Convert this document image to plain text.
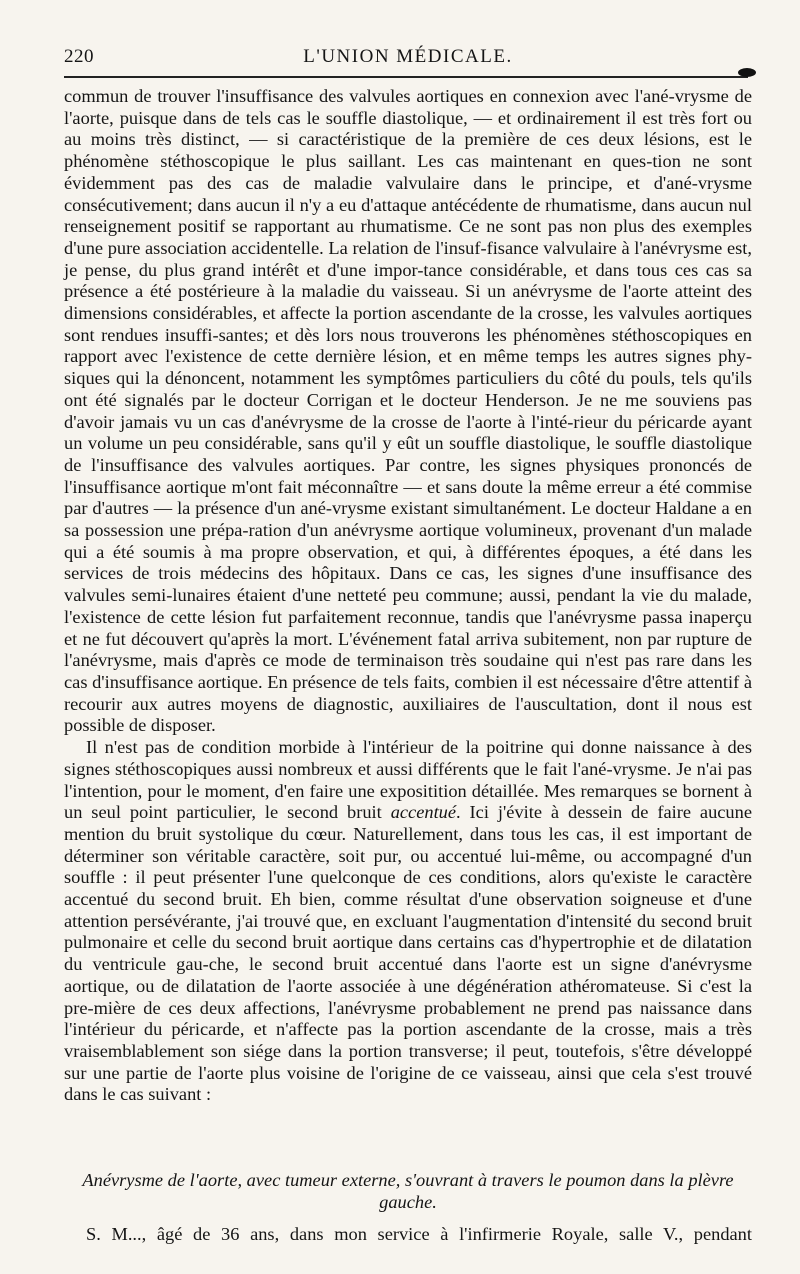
220	L'UNION MÉDICALE.

commun de trouver l'insuffisance des valvules aortiques en connexion avec l'ané-vrysme de l'aorte, puisque dans de tels cas le souffle diastolique, — et ordinairement il est très fort ou au moins très distinct, — si caractéristique de la première de ces deux lésions, est le phénomène stéthoscopique le plus saillant. Les cas maintenant en ques-tion ne sont évidemment pas des cas de maladie valvulaire dans le principe, et d'ané-vrysme consécutivement; dans aucun il n'y a eu d'attaque antécédente de rhumatisme, dans aucun nul renseignement positif se rapportant au rhumatisme. Ce ne sont pas non plus des exemples d'une pure association accidentelle. La relation de l'insuf-fisance valvulaire à l'anévrysme est, je pense, du plus grand intérêt et d'une impor-tance considérable, et dans tous ces cas sa présence a été postérieure à la maladie du vaisseau. Si un anévrysme de l'aorte atteint des dimensions considérables, et affecte la portion ascendante de la crosse, les valvules aortiques sont rendues insuffi-santes; et dès lors nous trouverons les phénomènes stéthoscopiques en rapport avec l'existence de cette dernière lésion, et en même temps les autres signes phy-siques qui la dénoncent, notamment les symptômes particuliers du côté du pouls, tels qu'ils ont été signalés par le docteur Corrigan et le docteur Henderson. Je ne me souviens pas d'avoir jamais vu un cas d'anévrysme de la crosse de l'aorte à l'inté-rieur du péricarde ayant un volume un peu considérable, sans qu'il y eût un souffle diastolique, le souffle diastolique de l'insuffisance des valvules aortiques. Par contre, les signes physiques prononcés de l'insuffisance aortique m'ont fait méconnaître — et sans doute la même erreur a été commise par d'autres — la présence d'un ané-vrysme existant simultanément. Le docteur Haldane a en sa possession une prépa-ration d'un anévrysme aortique volumineux, provenant d'un malade qui a été soumis à ma propre observation, et qui, à différentes époques, a été dans les services de trois médecins des hôpitaux. Dans ce cas, les signes d'une insuffisance des valvules semi-lunaires étaient d'une netteté peu commune; aussi, pendant la vie du malade, l'existence de cette lésion fut parfaitement reconnue, tandis que l'anévrysme passa inaperçu et ne fut découvert qu'après la mort. L'événement fatal arriva subitement, non par rupture de l'anévrysme, mais d'après ce mode de terminaison très soudaine qui n'est pas rare dans les cas d'insuffisance aortique. En présence de tels faits, combien il est nécessaire d'être attentif à recourir aux autres moyens de diagnostic, auxiliaires de l'auscultation, dont il nous est possible de disposer.

Il n'est pas de condition morbide à l'intérieur de la poitrine qui donne naissance à des signes stéthoscopiques aussi nombreux et aussi différents que le fait l'ané-vrysme. Je n'ai pas l'intention, pour le moment, d'en faire une expositition détaillée. Mes remarques se bornent à un seul point particulier, le second bruit accentué. Ici j'évite à dessein de faire aucune mention du bruit systolique du cœur. Naturellement, dans tous les cas, il est important de déterminer son véritable caractère, soit pur, ou accentué lui-même, ou accompagné d'un souffle : il peut présenter l'une quelconque de ces conditions, alors qu'existe le caractère accentué du second bruit. Eh bien, comme résultat d'une observation soigneuse et d'une attention persévérante, j'ai trouvé que, en excluant l'augmentation d'intensité du second bruit pulmonaire et celle du second bruit aortique dans certains cas d'hypertrophie et de dilatation du ventricule gau-che, le second bruit accentué dans l'aorte est un signe d'anévrysme aortique, ou de dilatation de l'aorte associée à une dégénération athéromateuse. Si c'est la pre-mière de ces deux affections, l'anévrysme probablement ne prend pas naissance dans l'intérieur du péricarde, et n'affecte pas la portion ascendante de la crosse, mais a très vraisemblablement son siége dans la portion transverse; il peut, toutefois, s'être développé sur une partie de l'aorte plus voisine de l'origine de ce vaisseau, ainsi que cela s'est trouvé dans le cas suivant :

Anévrysme de l'aorte, avec tumeur externe, s'ouvrant à travers le poumon dans la plèvre gauche.
S. M..., âgé de 36 ans, dans mon service à l'infirmerie Royale, salle V., pendant
